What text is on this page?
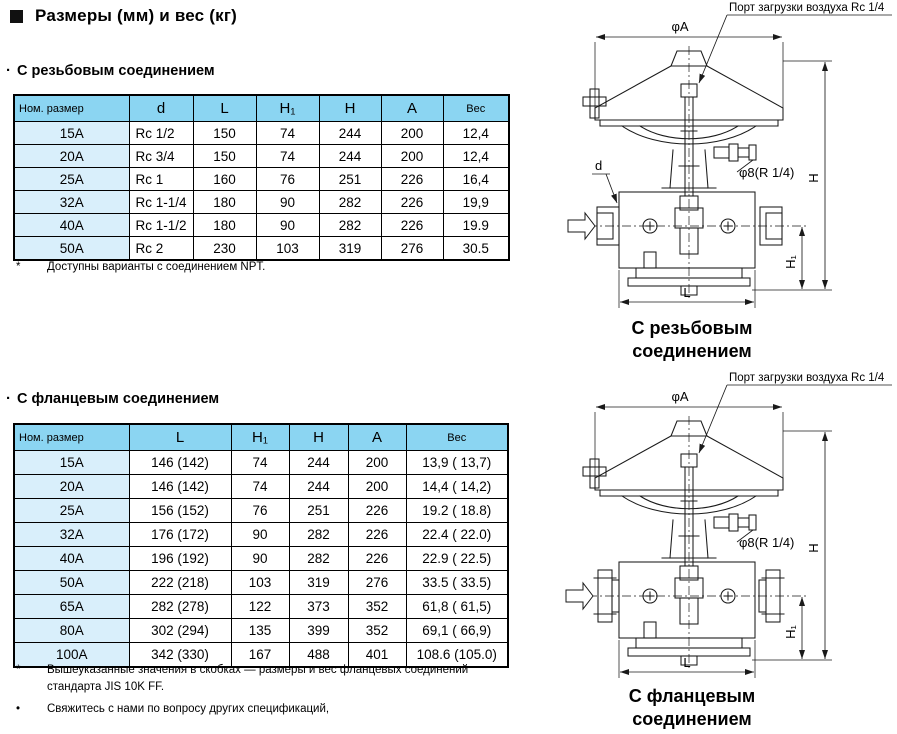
Размеры (мм) и вес (кг)
· С резьбовым соединением
Ном. размер	d	L	H₁	H	A	Вес
15A	Rc 1/2	150	74	244	200	12,4
20A	Rc 3/4	150	74	244	200	12,4
25A	Rc 1	160	76	251	226	16,4
32A	Rc 1-1/4	180	90	282	226	19,9
40A	Rc 1-1/2	180	90	282	226	19.9
50A	Rc 2	230	103	319	276	30.5
*	Доступны варианты с соединением NPT.
· С фланцевым соединением
Ном. размер	L	H₁	H	A	Вес
15A	146 (142)	74	244	200	13,9 ( 13,7)
20A	146 (142)	74	244	200	14,4 ( 14,2)
25A	156 (152)	76	251	226	19.2 ( 18.8)
32A	176 (172)	90	282	226	22.4 ( 22.0)
40A	196 (192)	90	282	226	22.9 ( 22.5)
50A	222 (218)	103	319	276	33.5 ( 33.5)
65A	282 (278)	122	373	352	61,8 ( 61,5)
80A	302 (294)	135	399	352	69,1 ( 66,9)
100A	342 (330)	167	488	401	108.6 (105.0)
*	Вышеуказанные значения в скобках — размеры и вес фланцевых соединений стандарта JIS 10K FF.
•	Свяжитесь с нами по вопросу других спецификаций,
Порт загрузки воздуха Rc 1/4
φA
φ8(R 1/4)
d
H
H₁
L
С резьбовым
соединением
Порт загрузки воздуха Rc 1/4
φA
φ8(R 1/4) H
H₁
L
С фланцевым
соединением
